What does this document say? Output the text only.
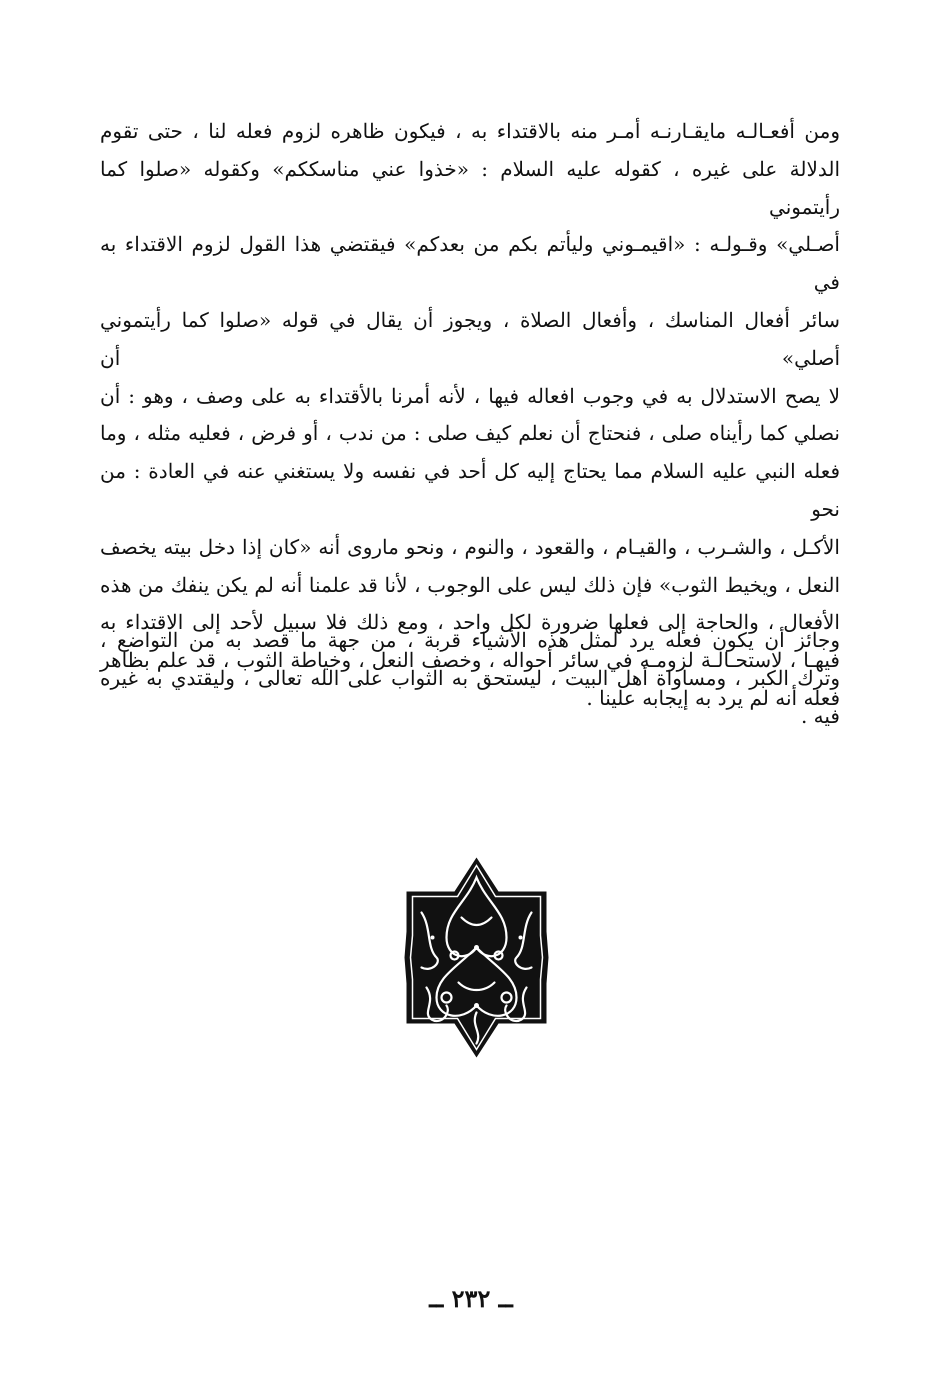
ومن أفعـالـه مايقـارنـه أمـر منه بالاقتداء به ، فيكون ظاهره لزوم فعله لنا ، حتى تقوم
الدلالة على غيره ، كقوله عليه السلام : «خذوا عني مناسككم» وكقوله «صلوا كما رأيتموني
أصـلي» وقـولـه : «اقيمـوني وليأتم بكم من بعدكم» فيقتضي هذا القول لزوم الاقتداء به في
سائر أفعال المناسك ، وأفعال الصلاة ، ويجوز أن يقال في قوله «صلوا كما رأيتموني أصلي» أن
لا يصح الاستدلال به في وجوب افعاله فيها ، لأنه أمرنا بالأقتداء به على وصف ، وهو : أن
نصلي كما رأيناه صلى ، فنحتاج أن نعلم كيف صلى : من ندب ، أو فرض ، فعليه مثله ، وما
فعله النبي عليه السلام مما يحتاج إليه كل أحد في نفسه ولا يستغني عنه في العادة : من نحو
الأكـل ، والشـرب ، والقيـام ، والقعود ، والنوم ، ونحو ماروى أنه «كان إذا دخل بيته يخصف
النعل ، ويخيط الثوب» فإن ذلك ليس على الوجوب ، لأنا قد علمنا أنه لم يكن ينفك من هذه
الأفعال ، والحاجة إلى فعلها ضرورة لكل واحد ، ومع ذلك فلا سبيل لأحد إلى الاقتداء به
فيهـا ، لاستحـالـة لزومـه في سائر أحواله ، وخصف النعل ، وخياطة الثوب ، قد علم بظاهر
فعله أنه لم يرد به إيجابه علينا .
وجائز أن يكون فعله يرد لمثل هذه الأشياء قربة ، من جهة ما قصد به من التواضع ،
وترك الكبر ، ومساواة أهل البيت ، ليستحق به الثواب على الله تعالى ، وليقتدي به غيره
فيه .
ــ ٢٣٢ ــ
